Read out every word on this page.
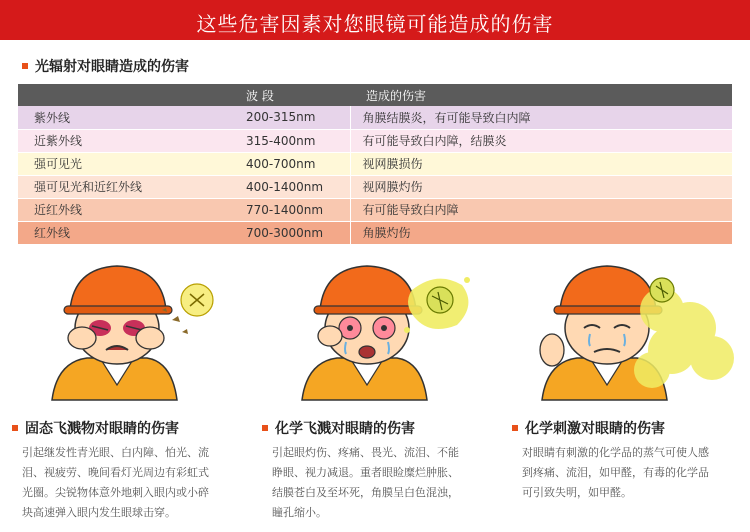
这些危害因素对您眼镜可能造成的伤害
光辐射对眼睛造成的伤害
	波 段	造成的伤害
紫外线	200-315nm	角膜结膜炎，有可能导致白内障
近紫外线	315-400nm	有可能导致白内障，结膜炎
强可见光	400-700nm	视网膜损伤
强可见光和近红外线	400-1400nm	视网膜灼伤
近红外线	770-1400nm	有可能导致白内障
红外线	700-3000nm	角膜灼伤
固态飞溅物对眼睛的伤害
引起继发性青光眼、白内障、怕光、流
泪、视疲劳、晚间看灯光周边有彩虹式
光圈。尖锐物体意外地刺入眼内或小碎
块高速弹入眼内发生眼球击穿。
化学飞溅对眼睛的伤害
引起眼灼伤、疼痛、畏光、流泪、不能
睁眼、视力减退。重者眼睑糜烂肿胀、
结膜苍白及至坏死，角膜呈白色混浊，
瞳孔缩小。
化学刺激对眼睛的伤害
对眼睛有刺激的化学品的蒸气可使人感
到疼痛、流泪，如甲醛，有毒的化学品
可引致失明，如甲醛。
